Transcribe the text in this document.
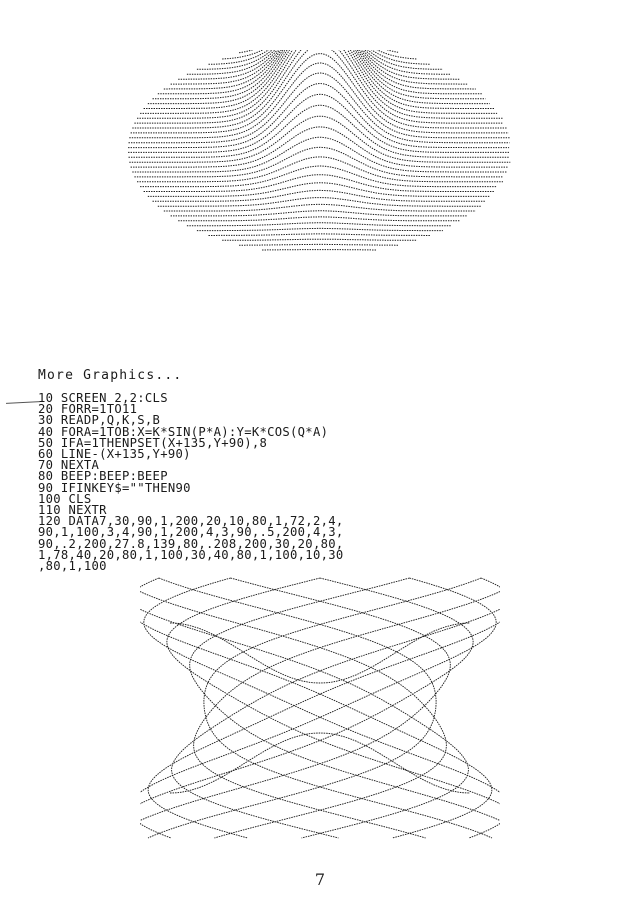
More Graphics...
10 SCREEN 2,2:CLS
20 FORR=1TO11
30 READP,Q,K,S,B
40 FORA=1TOB:X=K*SIN(P*A):Y=K*COS(Q*A)
50 IFA=1THENPSET(X+135,Y+90),8
60 LINE-(X+135,Y+90)
70 NEXTA
80 BEEP:BEEP:BEEP
90 IFINKEY$=""THEN90
100 CLS
110 NEXTR
120 DATA7,30,90,1,200,20,10,80,1,72,2,4,
90,1,100,3,4,90,1,200,4,3,90,.5,200,4,3,
90,.2,200,27.8,139,80,.208,200,30,20,80,
1,78,40,20,80,1,100,30,40,80,1,100,10,30
,80,1,100
7
